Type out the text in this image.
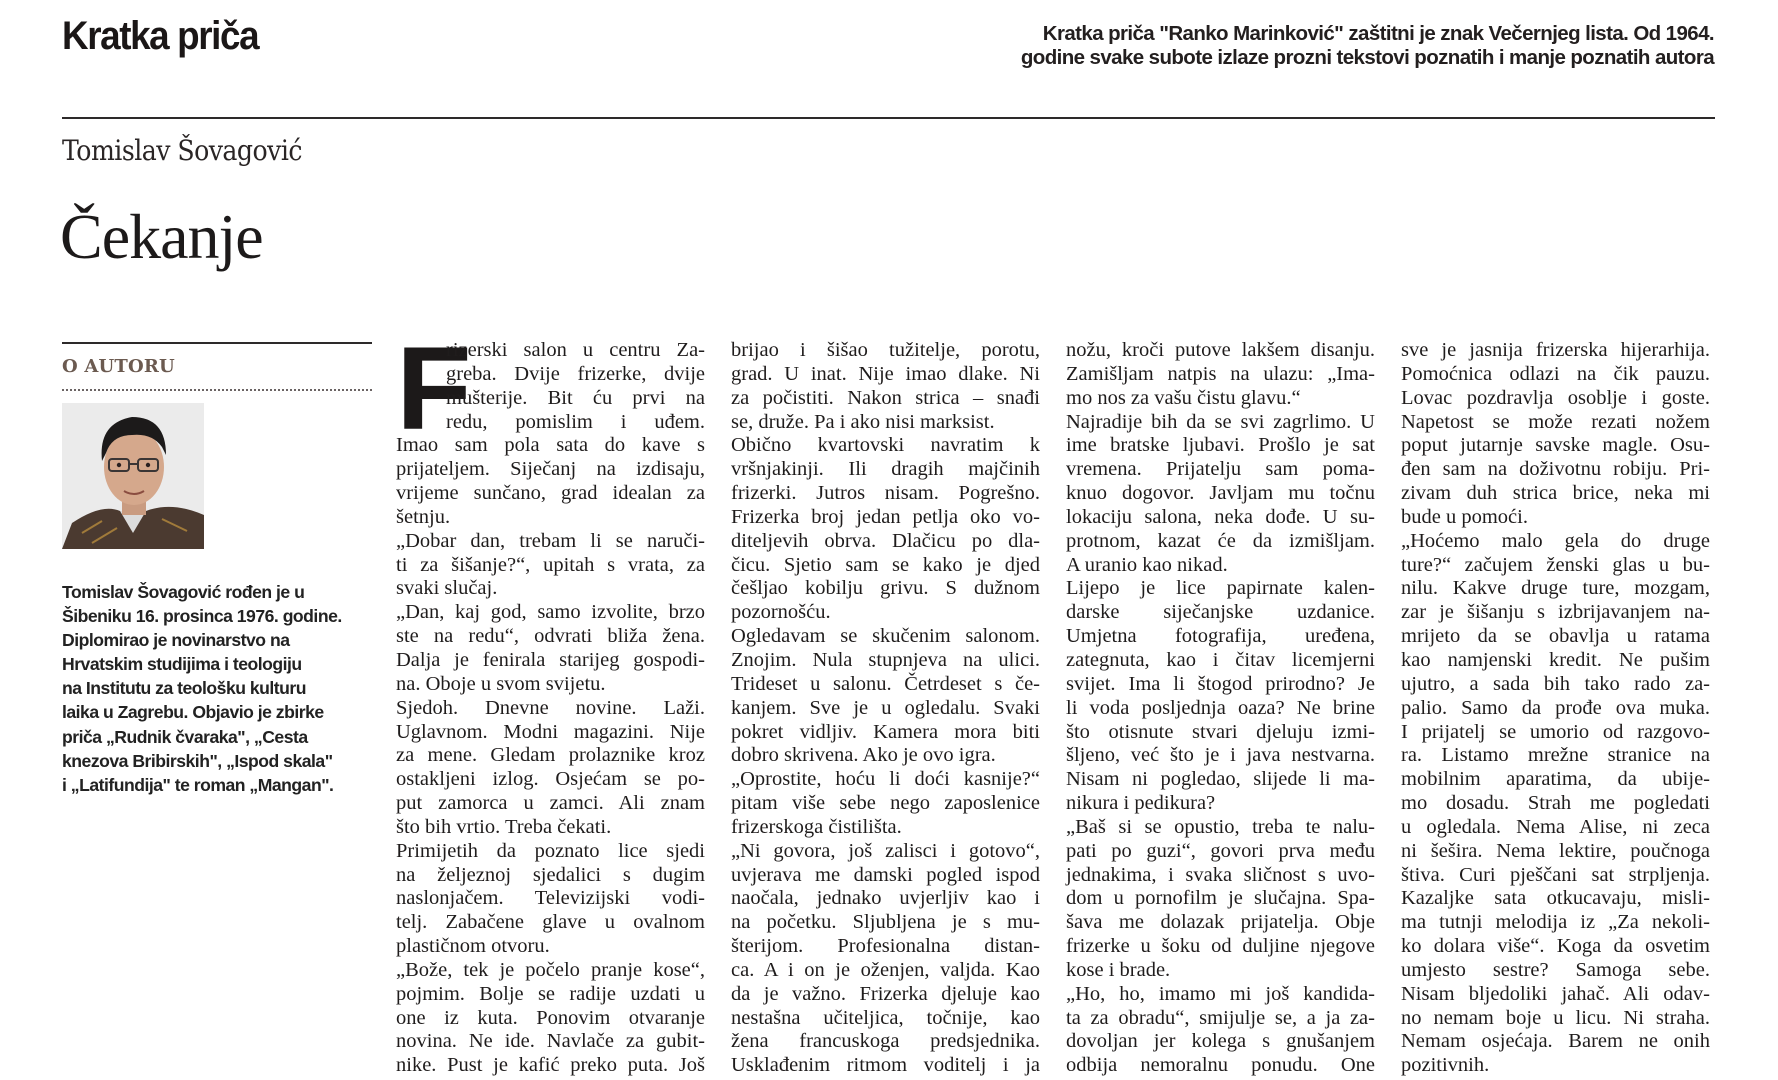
Kratka priča	Kratka priča "Ranko Marinković" zaštitni je znak Večernjeg lista. Od 1964.
godine svake subote izlaze prozni tekstovi poznatih i manje poznatih autora
Tomislav Šovagović
Čekanje
O AUTORU
Tomislav Šovagović rođen je u
Šibeniku 16. prosinca 1976. godine.
Diplomirao je novinarstvo na
Hrvatskim studijima i teologiju
na Institutu za teološku kulturu
laika u Zagrebu. Objavio je zbirke
priča „Rudnik čvaraka", „Cesta
knezova Bribirskih", „Ispod skala"
i „Latifundija" te roman „Mangan".
F
rizerski salon u centru Za-
greba. Dvije frizerke, dvije
mušterije. Bit ću prvi na
redu, pomislim i uđem.
Imao sam pola sata do kave s
prijateljem. Siječanj na izdisaju,
vrijeme sunčano, grad idealan za
šetnju.
„Dobar dan, trebam li se naruči-
ti za šišanje?“, upitah s vrata, za
svaki slučaj.
„Dan, kaj god, samo izvolite, brzo
ste na redu“, odvrati bliža žena.
Dalja je fenirala starijeg gospodi-
na. Oboje u svom svijetu.
Sjedoh. Dnevne novine. Laži.
Uglavnom. Modni magazini. Nije
za mene. Gledam prolaznike kroz
ostakljeni izlog. Osjećam se po-
put zamorca u zamci. Ali znam
što bih vrtio. Treba čekati.
Primijetih da poznato lice sjedi
na željeznoj sjedalici s dugim
naslonjačem. Televizijski vodi-
telj. Zabačene glave u ovalnom
plastičnom otvoru.
„Bože, tek je počelo pranje kose“,
pojmim. Bolje se radije uzdati u
one iz kuta. Ponovim otvaranje
novina. Ne ide. Navlače za gubit-
nike. Pust je kafić preko puta. Još
brijao i šišao tužitelje, porotu,
grad. U inat. Nije imao dlake. Ni
za počistiti. Nakon strica – snađi
se, druže. Pa i ako nisi marksist.
Obično kvartovski navratim k
vršnjakinji. Ili dragih majčinih
frizerki. Jutros nisam. Pogrešno.
Frizerka broj jedan petlja oko vo-
diteljevih obrva. Dlačicu po dla-
čicu. Sjetio sam se kako je djed
češljao kobilju grivu. S dužnom
pozornošću.
Ogledavam se skučenim salonom.
Znojim. Nula stupnjeva na ulici.
Trideset u salonu. Četrdeset s če-
kanjem. Sve je u ogledalu. Svaki
pokret vidljiv. Kamera mora biti
dobro skrivena. Ako je ovo igra.
„Oprostite, hoću li doći kasnije?“
pitam više sebe nego zaposlenice
frizerskoga čistilišta.
„Ni govora, još zalisci i gotovo“,
uvjerava me damski pogled ispod
naočala, jednako uvjerljiv kao i
na početku. Sljubljena je s mu-
šterijom. Profesionalna distan-
ca. A i on je oženjen, valjda. Kao
da je važno. Frizerka djeluje kao
nestašna učiteljica, točnije, kao
žena francuskoga predsjednika.
Usklađenim ritmom voditelj i ja
nožu, kroči putove lakšem disanju.
Zamišljam natpis na ulazu: „Ima-
mo nos za vašu čistu glavu.“
Najradije bih da se svi zagrlimo. U
ime bratske ljubavi. Prošlo je sat
vremena. Prijatelju sam poma-
knuo dogovor. Javljam mu točnu
lokaciju salona, neka dođe. U su-
protnom, kazat će da izmišljam.
A uranio kao nikad.
Lijepo je lice papirnate kalen-
darske siječanjske uzdanice.
Umjetna fotografija, uređena,
zategnuta, kao i čitav licemjerni
svijet. Ima li štogod prirodno? Je
li voda posljednja oaza? Ne brine
što otisnute stvari djeluju izmi-
šljeno, već što je i java nestvarna.
Nisam ni pogledao, slijede li ma-
nikura i pedikura?
„Baš si se opustio, treba te nalu-
pati po guzi“, govori prva među
jednakima, i svaka sličnost s uvo-
dom u pornofilm je slučajna. Spa-
šava me dolazak prijatelja. Obje
frizerke u šoku od duljine njegove
kose i brade.
„Ho, ho, imamo mi još kandida-
ta za obradu“, smijulje se, a ja za-
dovoljan jer kolega s gnušanjem
odbija nemoralnu ponudu. One
sve je jasnija frizerska hijerarhija.
Pomoćnica odlazi na čik pauzu.
Lovac pozdravlja osoblje i goste.
Napetost se može rezati nožem
poput jutarnje savske magle. Osu-
đen sam na doživotnu robiju. Pri-
zivam duh strica brice, neka mi
bude u pomoći.
„Hoćemo malo gela do druge
ture?“ začujem ženski glas u bu-
nilu. Kakve druge ture, mozgam,
zar je šišanju s izbrijavanjem na-
mrijeto da se obavlja u ratama
kao namjenski kredit. Ne pušim
ujutro, a sada bih tako rado za-
palio. Samo da prođe ova muka.
I prijatelj se umorio od razgovo-
ra. Listamo mrežne stranice na
mobilnim aparatima, da ubije-
mo dosadu. Strah me pogledati
u ogledala. Nema Alise, ni zeca
ni šešira. Nema lektire, poučnoga
štiva. Curi pješčani sat strpljenja.
Kazaljke sata otkucavaju, misli-
ma tutnji melodija iz „Za nekoli-
ko dolara više“. Koga da osvetim
umjesto sestre? Samoga sebe.
Nisam bljedoliki jahač. Ali odav-
no nemam boje u licu. Ni straha.
Nemam osjećaja. Barem ne onih
pozitivnih.
